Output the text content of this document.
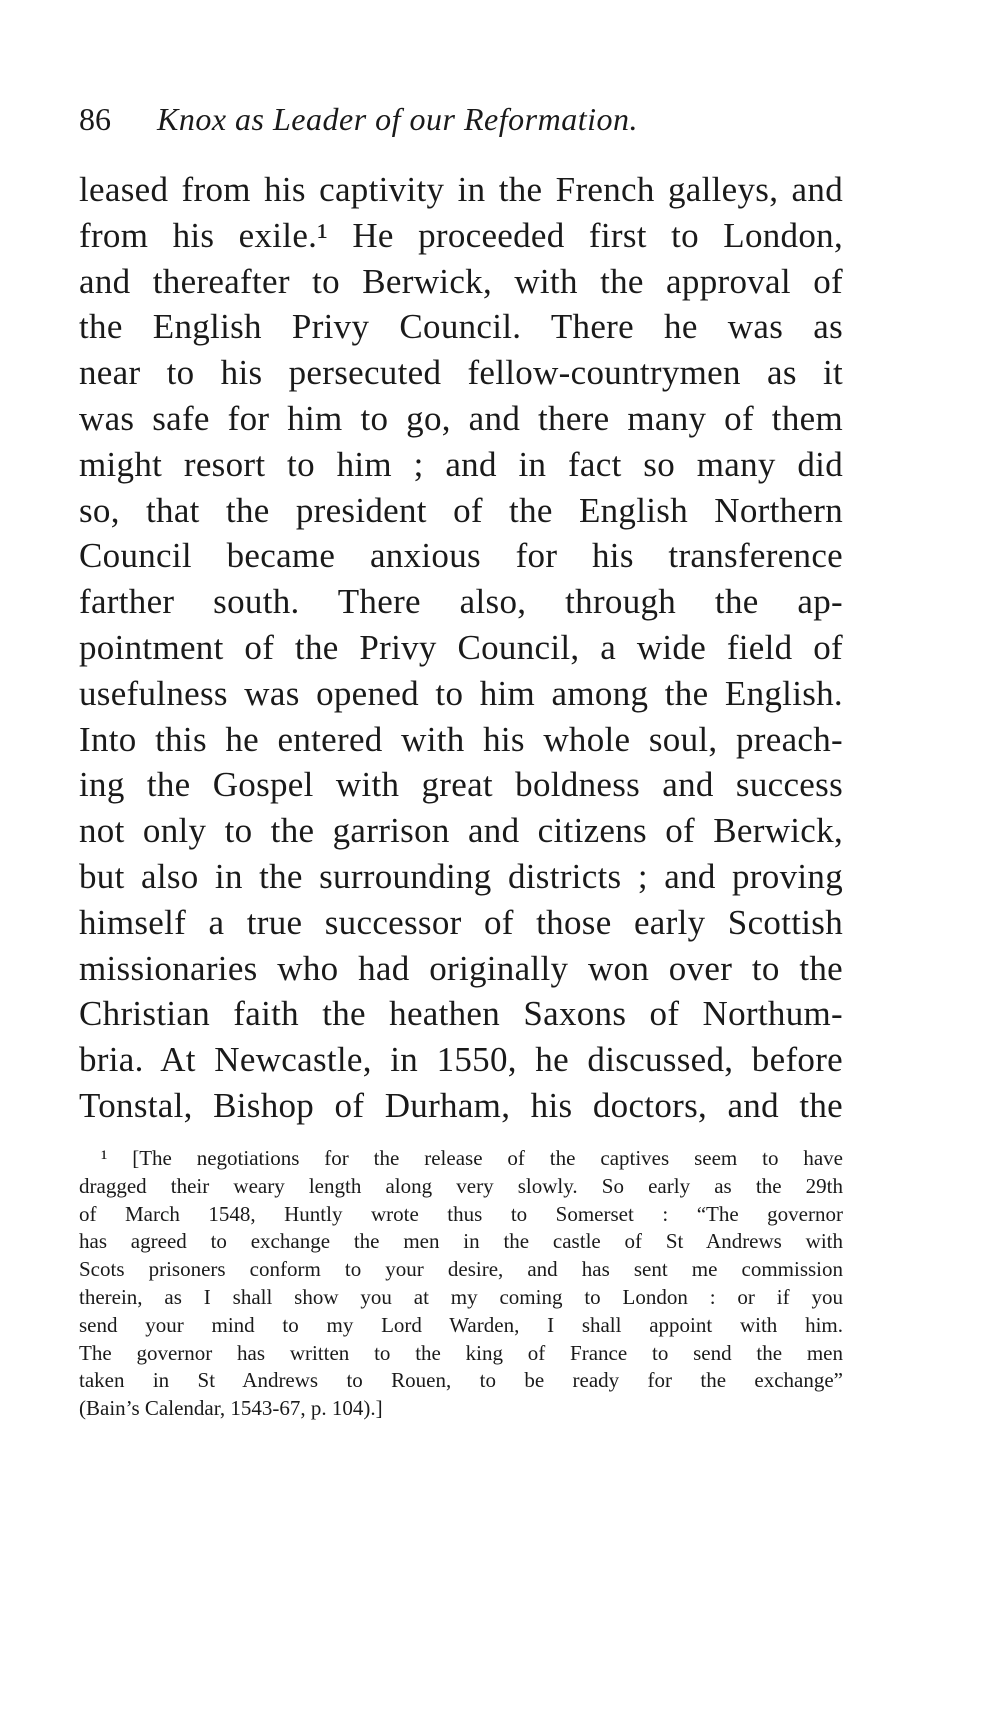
86 Knox as Leader of our Reformation.
leased from his captivity in the French galleys, and
from his exile.¹ He proceeded first to London,
and thereafter to Berwick, with the approval of
the English Privy Council. There he was as
near to his persecuted fellow-countrymen as it
was safe for him to go, and there many of them
might resort to him ; and in fact so many did
so, that the president of the English Northern
Council became anxious for his transference
farther south. There also, through the ap-
pointment of the Privy Council, a wide field of
usefulness was opened to him among the English.
Into this he entered with his whole soul, preach-
ing the Gospel with great boldness and success
not only to the garrison and citizens of Berwick,
but also in the surrounding districts ; and proving
himself a true successor of those early Scottish
missionaries who had originally won over to the
Christian faith the heathen Saxons of Northum-
bria. At Newcastle, in 1550, he discussed, before
Tonstal, Bishop of Durham, his doctors, and the
¹ [The negotiations for the release of the captives seem to have
dragged their weary length along very slowly. So early as the 29th
of March 1548, Huntly wrote thus to Somerset : “The governor
has agreed to exchange the men in the castle of St Andrews with
Scots prisoners conform to your desire, and has sent me commission
therein, as I shall show you at my coming to London : or if you
send your mind to my Lord Warden, I shall appoint with him.
The governor has written to the king of France to send the men
taken in St Andrews to Rouen, to be ready for the exchange”
(Bain’s Calendar, 1543-67, p. 104).]
